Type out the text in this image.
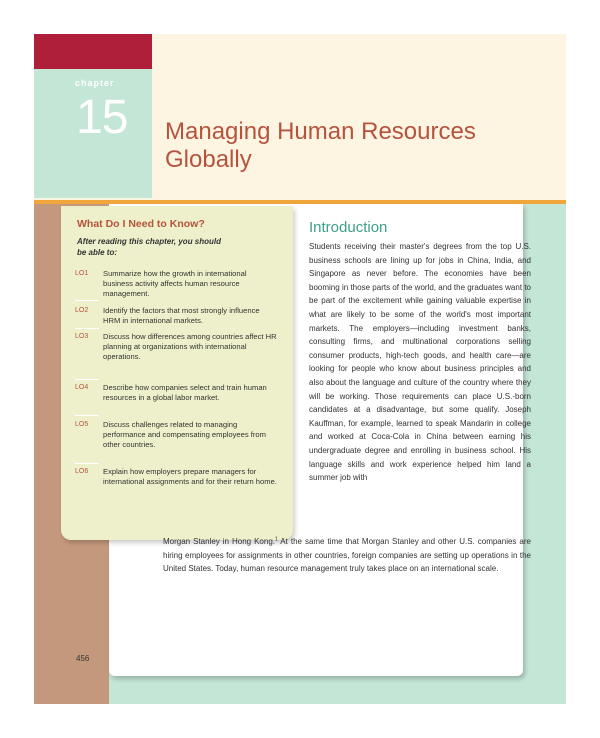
chapter
15 Managing Human Resources Globally
What Do I Need to Know?
After reading this chapter, you should be able to:
LO1	Summarize how the growth in international business activity affects human resource management.
LO2	Identify the factors that most strongly influence HRM in international markets.
LO3	Discuss how differences among countries affect HR planning at organizations with international operations.
LO4	Describe how companies select and train human resources in a global labor market.
LO5	Discuss challenges related to managing performance and compensating employees from other countries.
LO6	Explain how employers prepare managers for international assignments and for their return home.
Introduction
Students receiving their master's degrees from the top U.S. business schools are lining up for jobs in China, India, and Singapore as never before. The economies have been booming in those parts of the world, and the graduates want to be part of the excitement while gaining valuable expertise in what are likely to be some of the world's most important markets. The employers—including investment banks, consulting firms, and multinational corporations selling consumer products, high-tech goods, and health care—are looking for people who know about business principles and also about the language and culture of the country where they will be working. Those requirements can place U.S.-born candidates at a disadvantage, but some qualify. Joseph Kauffman, for example, learned to speak Mandarin in college and worked at Coca-Cola in China between earning his undergraduate degree and enrolling in business school. His language skills and work experience helped him land a summer job with
Morgan Stanley in Hong Kong.$^1$ At the same time that Morgan Stanley and other U.S. companies are hiring employees for assignments in other countries, foreign companies are setting up operations in the United States. Today, human resource management truly takes place on an international scale.
456
